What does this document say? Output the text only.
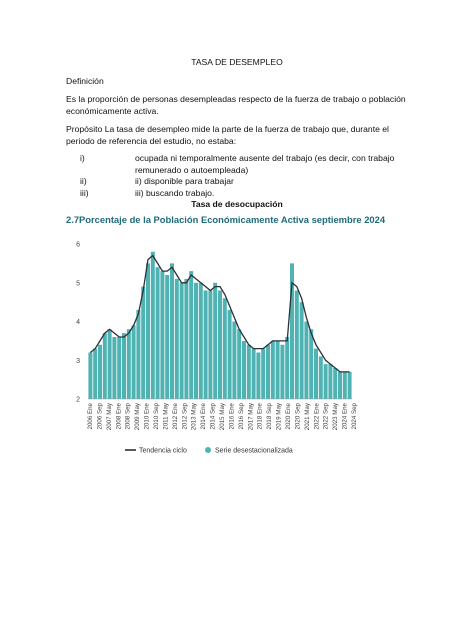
TASA DE DESEMPLEO
Definición
Es la proporción de personas desempleadas respecto de la fuerza de trabajo o población económicamente activa.
Propósito La tasa de desempleo mide la parte de la fuerza de trabajo que, durante el periodo de referencia del estudio, no estaba:
i)	ocupada ni temporalmente ausente del trabajo (es decir, con trabajo remunerado o autoempleada)
ii)	ii) disponible para trabajar
iii)	iii) buscando trabajo.
Tasa de desocupación
2.7Porcentaje de la Población Económicamente Activa septiembre 2024
2
3
4
5
6
2006 Ene 2006 Sep 2007 May 2008 Ene 2008 Sep 2009 May 2010 Ene 2010 Sep 2011 May 2012 Ene 2012 Sep 2013 May 2014 Ene 2014 Sep 2015 May 2016 Ene 2016 Sep 2017 May 2018 Ene 2018 Sep 2019 May 2020 Ene 2020 Sep 2021 May 2022 Ene 2022 Sep 2023 May 2024 Ene 2024 Sep
Tendencia ciclo	Serie desestacionalizada
